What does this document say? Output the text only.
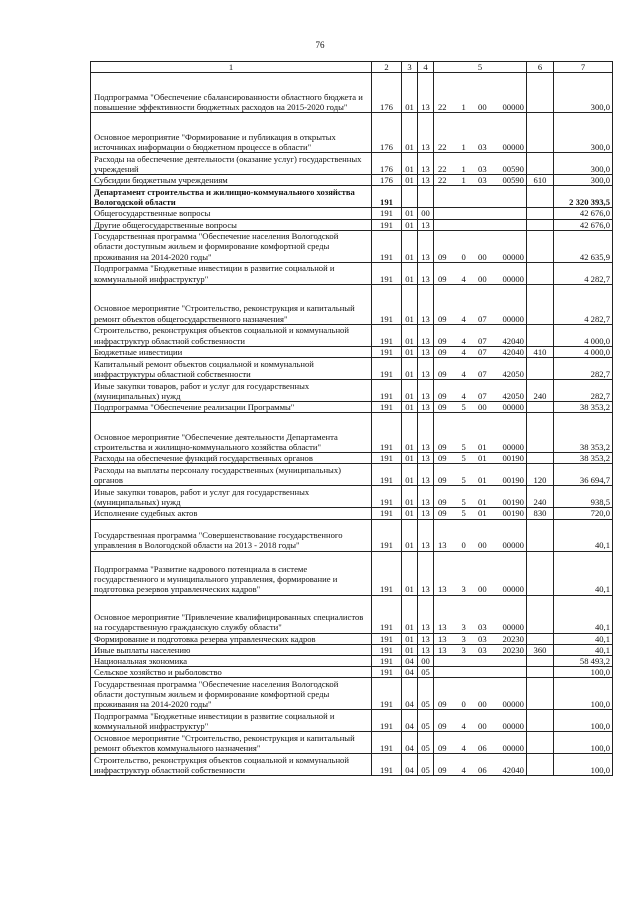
76
1	2	3	4	5	6	7
Подпрограмма "Обеспечение сбалансированности областного бюджета и повышение эффективности бюджетных расходов на 2015-2020 годы"	176	01	13	22 1 00 00000		300,0
Основное мероприятие "Формирование и публикация в открытых источниках информации о бюджетном процессе в области"	176	01	13	22 1 03 00000		300,0
Расходы на обеспечение деятельности (оказание услуг) государственных учреждений	176	01	13	22 1 03 00590		300,0
Субсидии бюджетным учреждениям	176	01	13	22 1 03 00590	610	300,0
Департамент строительства и жилищно-коммунального хозяйства Вологодской области	191					2 320 393,5
Общегосударственные вопросы	191	01	00			42 676,0
Другие общегосударственные вопросы	191	01	13			42 676,0
Государственная программа "Обеспечение населения Вологодской области доступным жильем и формирование комфортной среды проживания на 2014-2020 годы"	191	01	13	09 0 00 00000		42 635,9
Подпрограмма "Бюджетные инвестиции в развитие социальной и коммунальной инфраструктур"	191	01	13	09 4 00 00000		4 282,7
Основное мероприятие "Строительство, реконструкция и капитальный ремонт объектов общегосударственного назначения"	191	01	13	09 4 07 00000		4 282,7
Строительство, реконструкция объектов социальной и коммунальной инфраструктур областной собственности	191	01	13	09 4 07 42040		4 000,0
Бюджетные инвестиции	191	01	13	09 4 07 42040	410	4 000,0
Капитальный ремонт объектов социальной и коммунальной инфраструктуры областной собственности	191	01	13	09 4 07 42050		282,7
Иные закупки товаров, работ и услуг для государственных (муниципальных) нужд	191	01	13	09 4 07 42050	240	282,7
Подпрограмма "Обеспечение реализации Программы"	191	01	13	09 5 00 00000		38 353,2
Основное мероприятие "Обеспечение деятельности Департамента строительства и жилищно-коммунального хозяйства области"	191	01	13	09 5 01 00000		38 353,2
Расходы на обеспечение функций государственных органов	191	01	13	09 5 01 00190		38 353,2
Расходы на выплаты персоналу государственных (муниципальных) органов	191	01	13	09 5 01 00190	120	36 694,7
Иные закупки товаров, работ и услуг для государственных (муниципальных) нужд	191	01	13	09 5 01 00190	240	938,5
Исполнение судебных актов	191	01	13	09 5 01 00190	830	720,0
Государственная программа "Совершенствование государственного управления в Вологодской области на 2013 - 2018 годы"	191	01	13	13 0 00 00000		40,1
Подпрограмма "Развитие кадрового потенциала в системе государственного и муниципального управления, формирование и подготовка резервов управленческих кадров"	191	01	13	13 3 00 00000		40,1
Основное мероприятие "Привлечение квалифицированных специалистов на государственную гражданскую службу области"	191	01	13	13 3 03 00000		40,1
Формирование и подготовка резерва управленческих кадров	191	01	13	13 3 03 20230		40,1
Иные выплаты населению	191	01	13	13 3 03 20230	360	40,1
Национальная экономика	191	04	00			58 493,2
Сельское хозяйство и рыболовство	191	04	05			100,0
Государственная программа "Обеспечение населения Вологодской области доступным жильем и формирование комфортной среды проживания на 2014-2020 годы"	191	04	05	09 0 00 00000		100,0
Подпрограмма "Бюджетные инвестиции в развитие социальной и коммунальной инфраструктур"	191	04	05	09 4 00 00000		100,0
Основное мероприятие "Строительство, реконструкция и капитальный ремонт объектов коммунального назначения"	191	04	05	09 4 06 00000		100,0
Строительство, реконструкция объектов социальной и коммунальной инфраструктур областной собственности	191	04	05	09 4 06 42040		100,0
